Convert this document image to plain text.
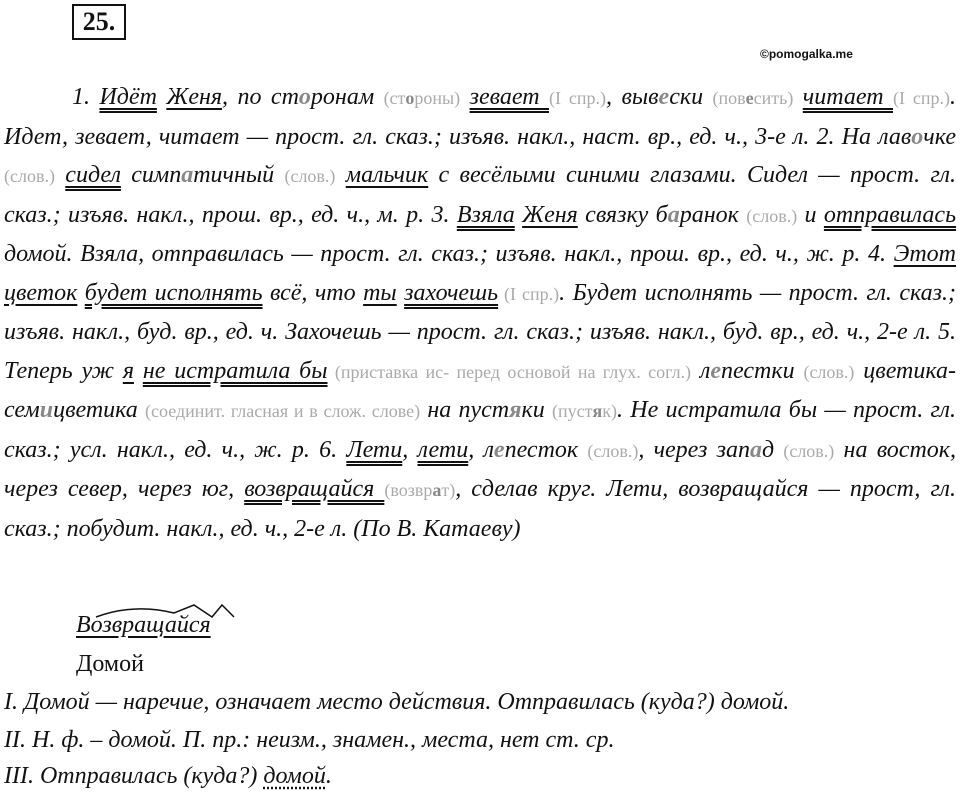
25.
©pomogalka.me
1. Идёт Женя, по сторонам (стороны) зевает (I спр.), вывески (повесить) читает (I спр.). Идет, зевает, читает — прост. гл. сказ.; изъяв. накл., наст. вр., ед. ч., 3-е л. 2. На лавочке (слов.) сидел симпатичный (слов.) мальчик с весёлыми синими глазами. Сидел — прост. гл. сказ.; изъяв. накл., прош. вр., ед. ч., м. р. 3. Взяла Женя связку баранок (слов.) и отправилась домой. Взяла, отправилась — прост. гл. сказ.; изъяв. накл., прош. вр., ед. ч., ж. р. 4. Этот цветок будет исполнять всё, что ты захочешь (I спр.). Будет исполнять — прост. гл. сказ.; изъяв. накл., буд. вр., ед. ч. Захочешь — прост. гл. сказ.; изъяв. накл., буд. вр., ед. ч., 2-е л. 5. Теперь уж я не истратила бы (приставка ис- перед основой на глух. согл.) лепестки (слов.) цветика-семицветика (соединит. гласная и в слож. слове) на пустяки (пустяк). Не истратила бы — прост. гл. сказ.; усл. накл., ед. ч., ж. р. 6. Лети, лети, лепесток (слов.), через запад (слов.) на восток, через север, через юг, возвращайся (возврат), сделав круг. Лети, возвращайся — прост, гл. сказ.; побудит. накл., ед. ч., 2-е л. (По В. Катаеву)
Возвращайся
Домой
I. Домой — наречие, означает место действия. Отправилась (куда?) домой.
II. Н. ф. – домой. П. пр.: неизм., знамен., места, нет ст. ср.
III. Отправилась (куда?) домой.
